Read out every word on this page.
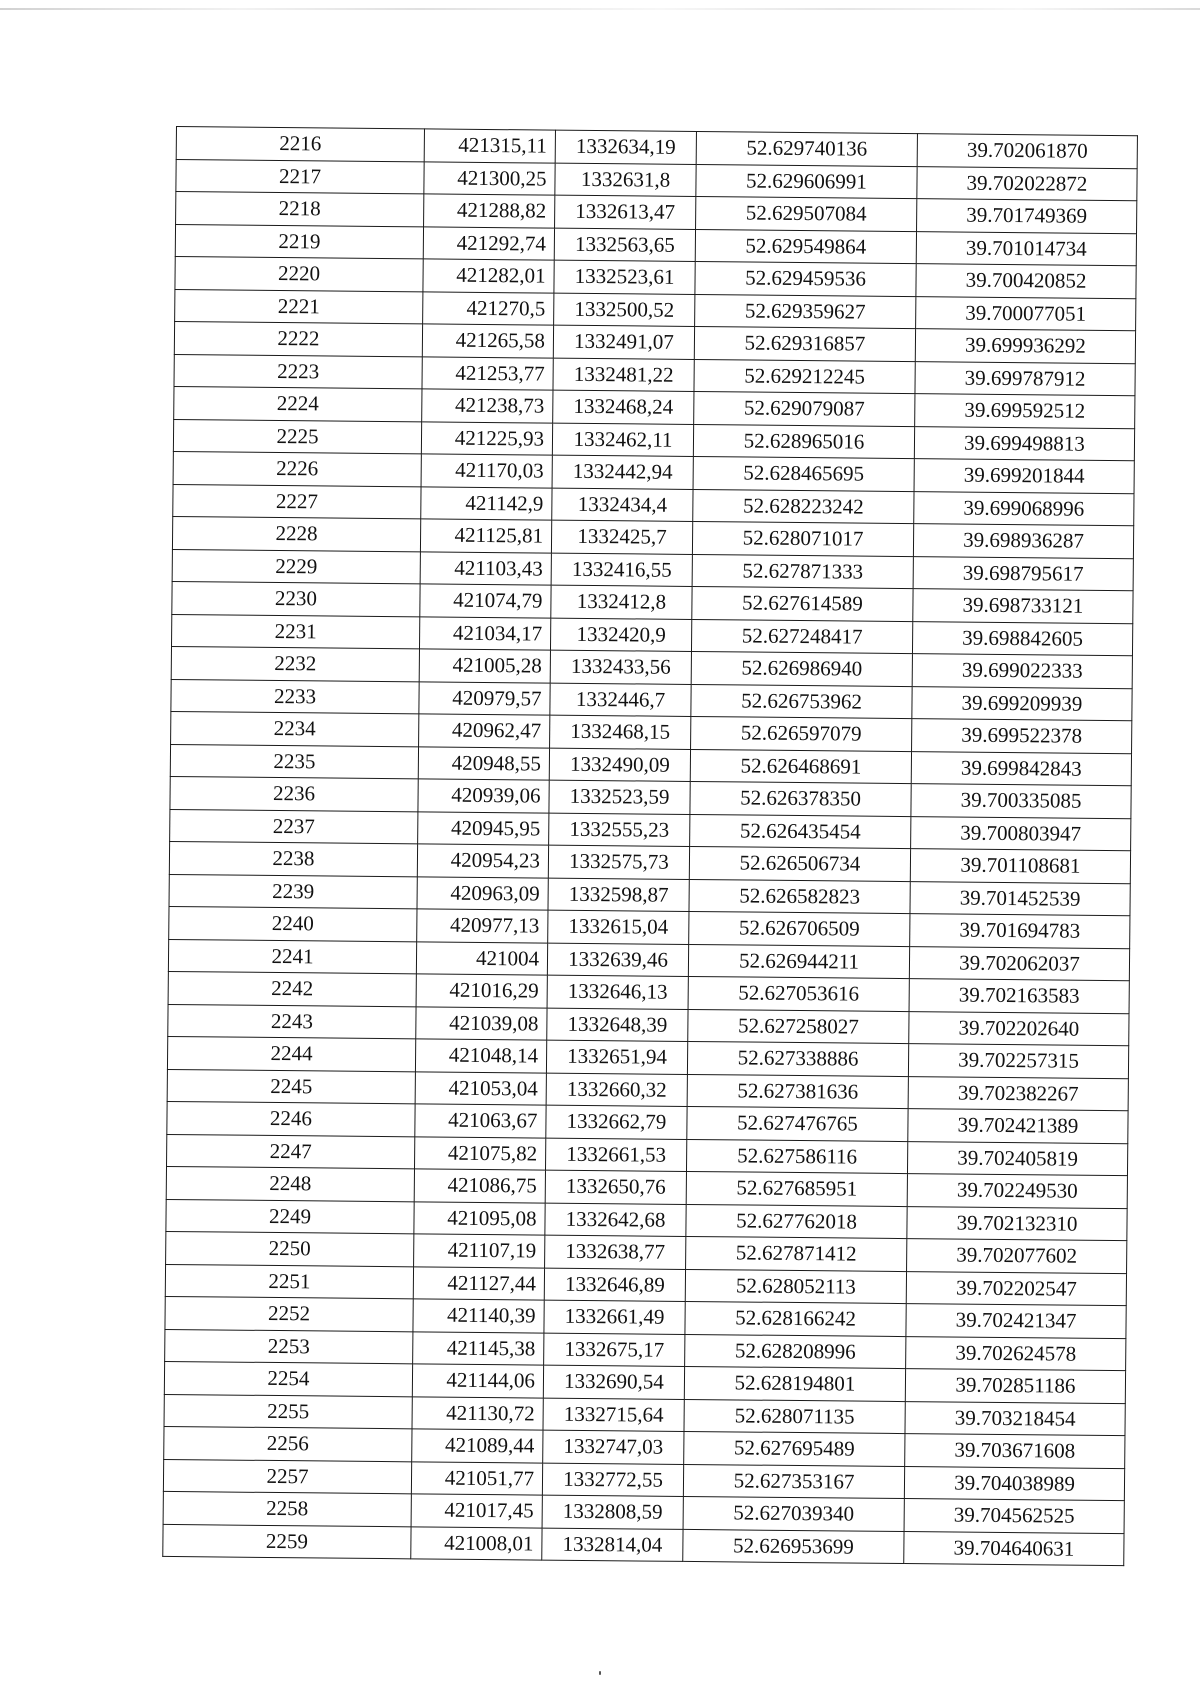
2216	421315,11	1332634,19	52.629740136	39.702061870
2217	421300,25	1332631,8	52.629606991	39.702022872
2218	421288,82	1332613,47	52.629507084	39.701749369
2219	421292,74	1332563,65	52.629549864	39.701014734
2220	421282,01	1332523,61	52.629459536	39.700420852
2221	421270,5	1332500,52	52.629359627	39.700077051
2222	421265,58	1332491,07	52.629316857	39.699936292
2223	421253,77	1332481,22	52.629212245	39.699787912
2224	421238,73	1332468,24	52.629079087	39.699592512
2225	421225,93	1332462,11	52.628965016	39.699498813
2226	421170,03	1332442,94	52.628465695	39.699201844
2227	421142,9	1332434,4	52.628223242	39.699068996
2228	421125,81	1332425,7	52.628071017	39.698936287
2229	421103,43	1332416,55	52.627871333	39.698795617
2230	421074,79	1332412,8	52.627614589	39.698733121
2231	421034,17	1332420,9	52.627248417	39.698842605
2232	421005,28	1332433,56	52.626986940	39.699022333
2233	420979,57	1332446,7	52.626753962	39.699209939
2234	420962,47	1332468,15	52.626597079	39.699522378
2235	420948,55	1332490,09	52.626468691	39.699842843
2236	420939,06	1332523,59	52.626378350	39.700335085
2237	420945,95	1332555,23	52.626435454	39.700803947
2238	420954,23	1332575,73	52.626506734	39.701108681
2239	420963,09	1332598,87	52.626582823	39.701452539
2240	420977,13	1332615,04	52.626706509	39.701694783
2241	421004	1332639,46	52.626944211	39.702062037
2242	421016,29	1332646,13	52.627053616	39.702163583
2243	421039,08	1332648,39	52.627258027	39.702202640
2244	421048,14	1332651,94	52.627338886	39.702257315
2245	421053,04	1332660,32	52.627381636	39.702382267
2246	421063,67	1332662,79	52.627476765	39.702421389
2247	421075,82	1332661,53	52.627586116	39.702405819
2248	421086,75	1332650,76	52.627685951	39.702249530
2249	421095,08	1332642,68	52.627762018	39.702132310
2250	421107,19	1332638,77	52.627871412	39.702077602
2251	421127,44	1332646,89	52.628052113	39.702202547
2252	421140,39	1332661,49	52.628166242	39.702421347
2253	421145,38	1332675,17	52.628208996	39.702624578
2254	421144,06	1332690,54	52.628194801	39.702851186
2255	421130,72	1332715,64	52.628071135	39.703218454
2256	421089,44	1332747,03	52.627695489	39.703671608
2257	421051,77	1332772,55	52.627353167	39.704038989
2258	421017,45	1332808,59	52.627039340	39.704562525
2259	421008,01	1332814,04	52.626953699	39.704640631
